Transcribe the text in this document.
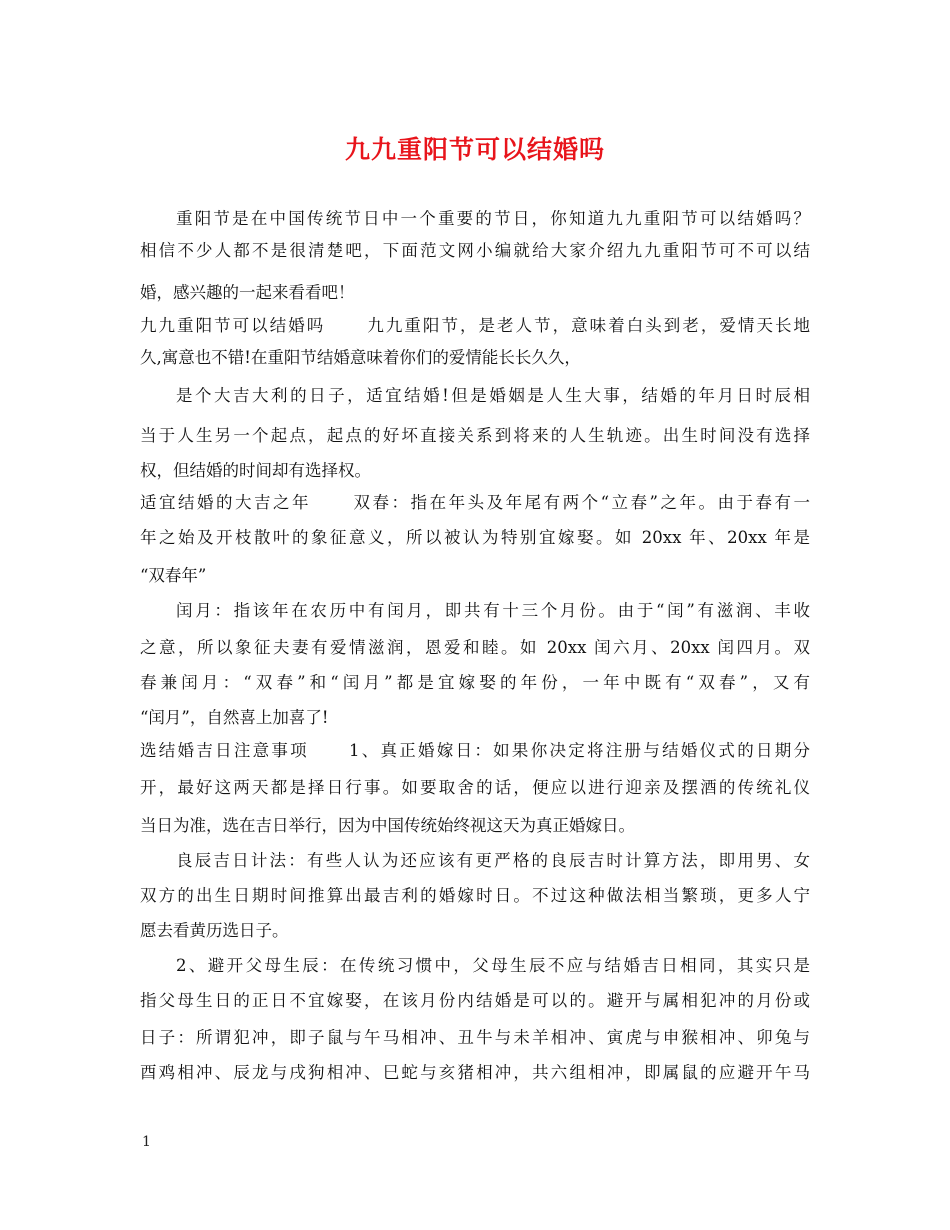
九九重阳节可以结婚吗

重阳节是在中国传统节日中一个重要的节日，你知道九九重阳节可以结婚吗？

相信不少人都不是很清楚吧，下面范文网小编就给大家介绍九九重阳节可不可以结

婚，感兴趣的一起来看看吧！

九九重阳节可以结婚吗 九九重阳节，是老人节，意味着白头到老，爱情天长地

久,寓意也不错!在重阳节结婚意味着你们的爱情能长长久久，

是个大吉大利的日子，适宜结婚!但是婚姻是人生大事，结婚的年月日时辰相

当于人生另一个起点，起点的好坏直接关系到将来的人生轨迹。出生时间没有选择

权，但结婚的时间却有选择权。

适宜结婚的大吉之年 双春：指在年头及年尾有两个“立春”之年。由于春有一

年之始及开枝散叶的象征意义，所以被认为特别宜嫁娶。如 20xx 年、20xx 年是

“双春年”

闰月：指该年在农历中有闰月，即共有十三个月份。由于“闰”有滋润、丰收

之意，所以象征夫妻有爱情滋润，恩爱和睦。如 20xx 闰六月、20xx 闰四月。双

春兼闰月：“双春”和“闰月”都是宜嫁娶的年份，一年中既有“双春”，又有

“闰月”，自然喜上加喜了!

选结婚吉日注意事项 1、真正婚嫁日：如果你决定将注册与结婚仪式的日期分

开，最好这两天都是择日行事。如要取舍的话，便应以进行迎亲及摆酒的传统礼仪

当日为准，选在吉日举行，因为中国传统始终视这天为真正婚嫁日。

良辰吉日计法：有些人认为还应该有更严格的良辰吉时计算方法，即用男、女

双方的出生日期时间推算出最吉利的婚嫁时日。不过这种做法相当繁琐，更多人宁

愿去看黄历选日子。

2、避开父母生辰：在传统习惯中，父母生辰不应与结婚吉日相同，其实只是

指父母生日的正日不宜嫁娶，在该月份内结婚是可以的。避开与属相犯冲的月份或

日子：所谓犯冲，即子鼠与午马相冲、丑牛与未羊相冲、寅虎与申猴相冲、卯兔与

酉鸡相冲、辰龙与戌狗相冲、巳蛇与亥猪相冲，共六组相冲，即属鼠的应避开午马

1
